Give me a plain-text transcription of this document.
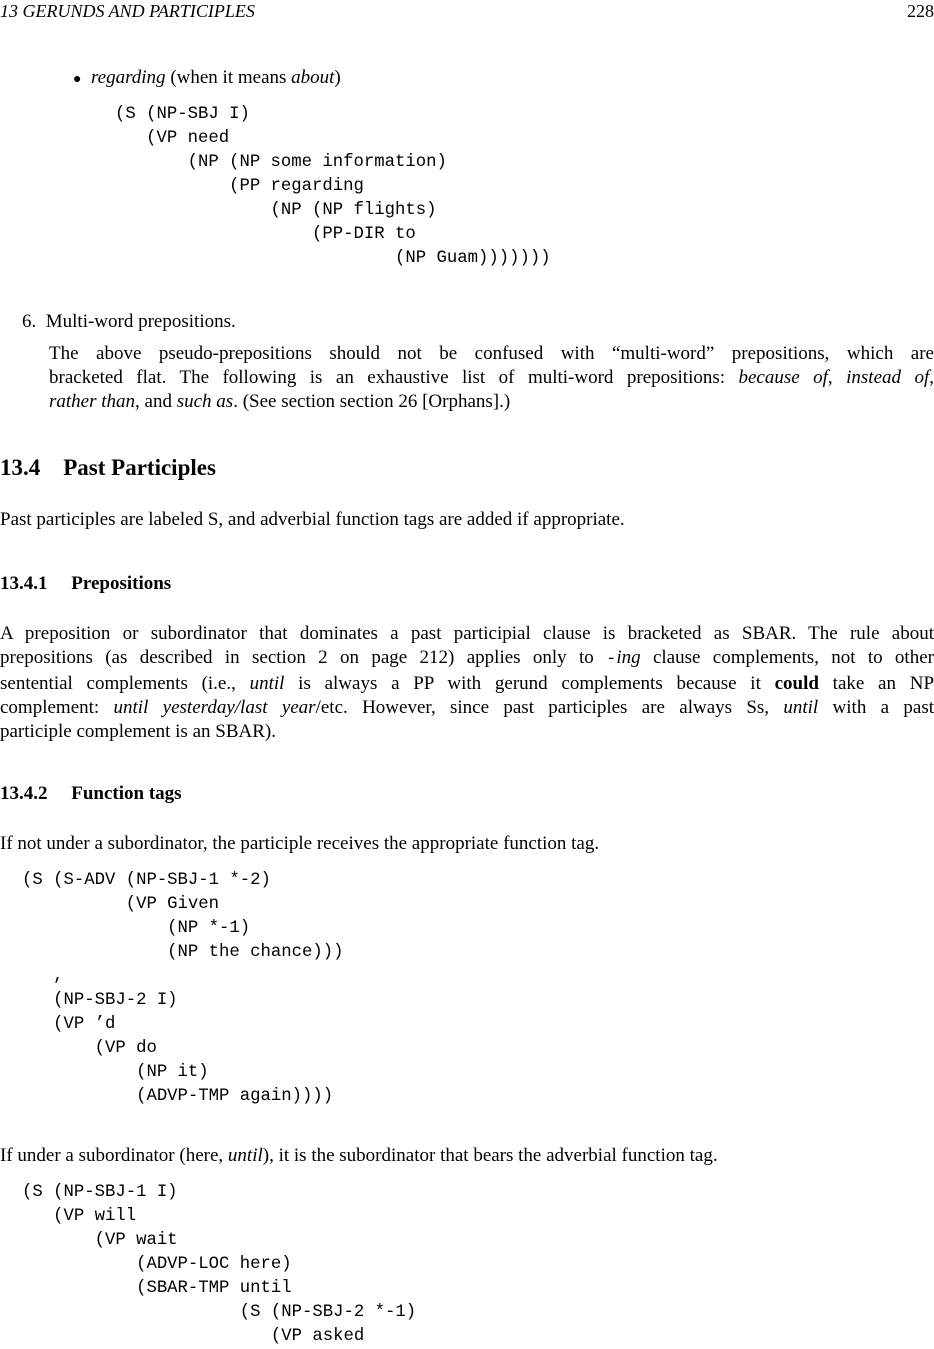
13 GERUNDS AND PARTICIPLES	228
● regarding (when it means about)
(S (NP-SBJ I)
(VP need
(NP (NP some information)
(PP regarding
(NP (NP flights)
(PP-DIR to
(NP Guam)))))))
6. Multi-word prepositions.
The above pseudo-prepositions should not be confused with “multi-word” prepositions, which are
bracketed flat. The following is an exhaustive list of multi-word prepositions: because of, instead of,
rather than, and such as. (See section section 26 [Orphans].)
13.4 Past Participles
Past participles are labeled S, and adverbial function tags are added if appropriate.
13.4.1 Prepositions
A preposition or subordinator that dominates a past participial clause is bracketed as SBAR. The rule about
prepositions (as described in section 2 on page 212) applies only to -ing clause complements, not to other
sentential complements (i.e., until is always a PP with gerund complements because it could take an NP
complement: until yesterday/last year/etc. However, since past participles are always Ss, until with a past
participle complement is an SBAR).
13.4.2 Function tags
If not under a subordinator, the participle receives the appropriate function tag.
(S (S-ADV (NP-SBJ-1 *-2)
(VP Given
(NP *-1)
(NP the chance)))
,
(NP-SBJ-2 I)
(VP ’d
(VP do
(NP it)
(ADVP-TMP again))))
If under a subordinator (here, until), it is the subordinator that bears the adverbial function tag.
(S (NP-SBJ-1 I)
(VP will
(VP wait
(ADVP-LOC here)
(SBAR-TMP until
(S (NP-SBJ-2 *-1)
(VP asked
